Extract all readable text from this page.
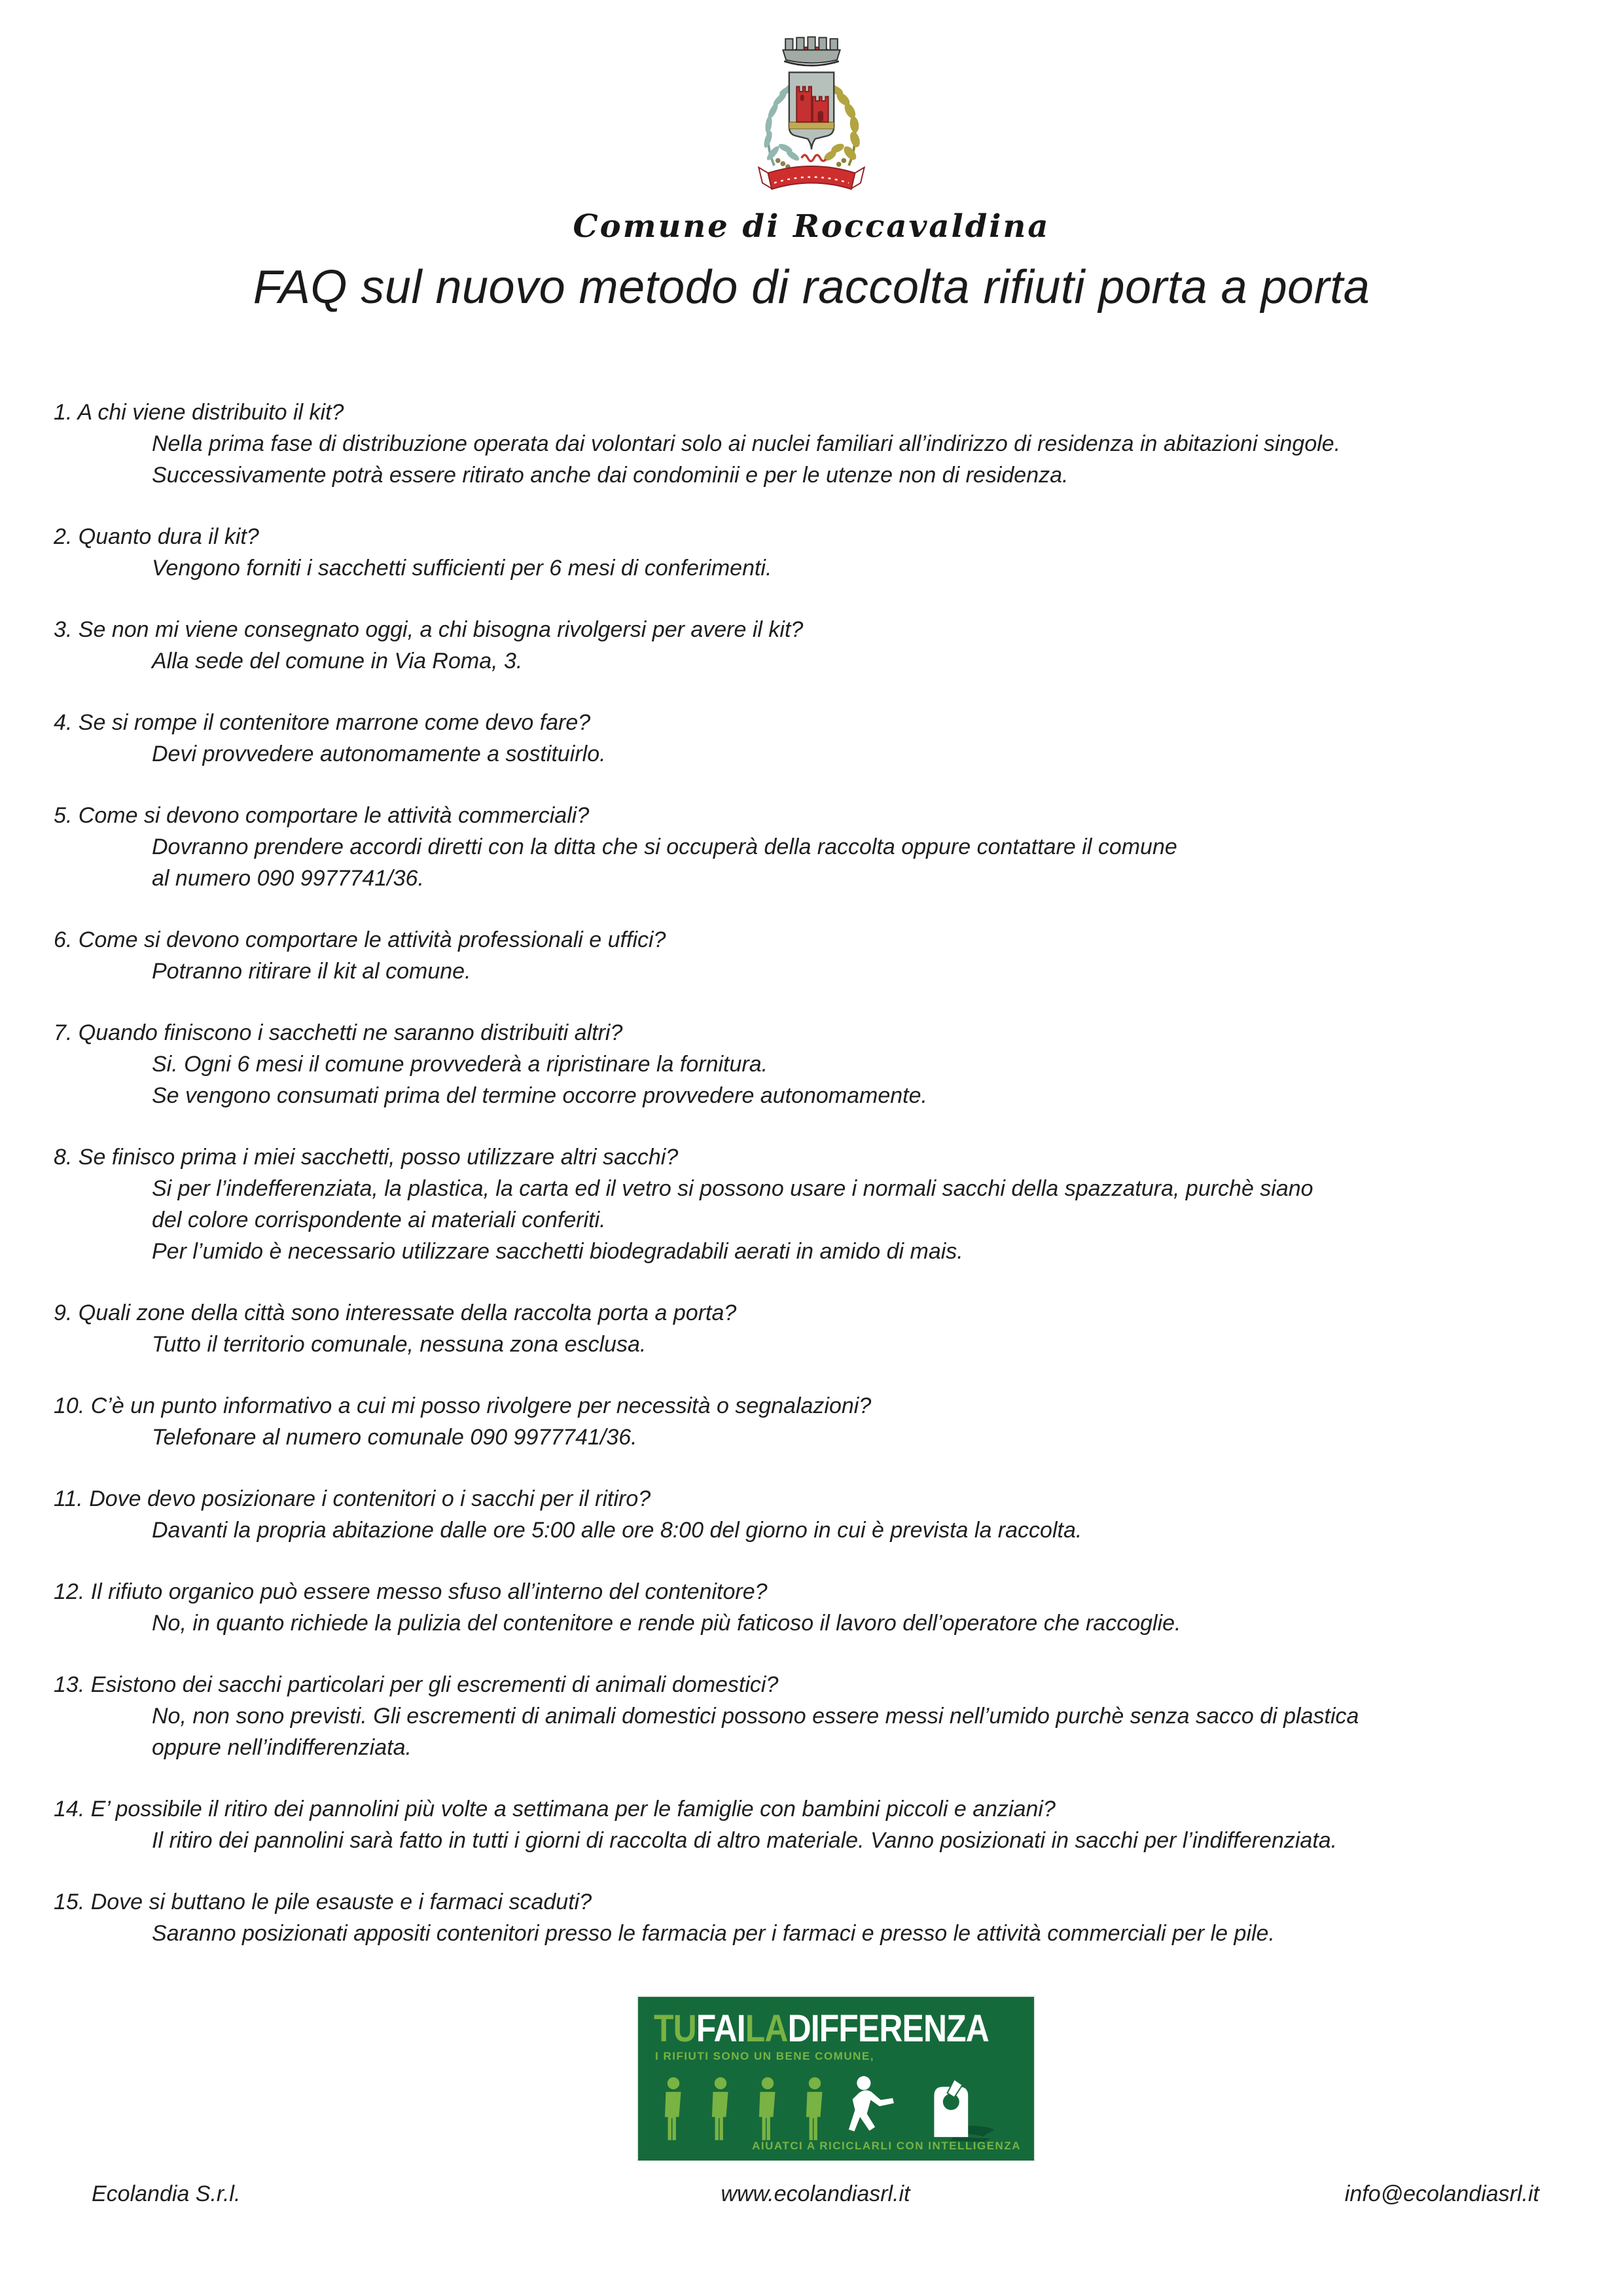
Comune di Roccavaldina
FAQ sul nuovo metodo di raccolta rifiuti porta a porta

1. A chi viene distribuito il kit?

Nella prima fase di distribuzione operata dai volontari solo ai nuclei familiari all’indirizzo di residenza in abitazioni singole.

Successivamente potrà essere ritirato anche dai condominii e per le utenze non di residenza.

2. Quanto dura il kit?

Vengono forniti i sacchetti sufficienti per 6 mesi di conferimenti.

3. Se non mi viene consegnato oggi, a chi bisogna rivolgersi per avere il kit?

Alla sede del comune in Via Roma, 3.

4. Se si rompe il contenitore marrone come devo fare?

Devi provvedere autonomamente a sostituirlo.

5. Come si devono comportare le attività commerciali?

Dovranno prendere accordi diretti con la ditta che si occuperà della raccolta oppure contattare il comune

al numero 090 9977741/36.

6. Come si devono comportare le attività professionali e uffici?

Potranno ritirare il kit al comune.

7. Quando finiscono i sacchetti ne saranno distribuiti altri?

Si. Ogni 6 mesi il comune provvederà a ripristinare la fornitura.

Se vengono consumati prima del termine occorre provvedere autonomamente.

8. Se finisco prima i miei sacchetti, posso utilizzare altri sacchi?

Si per l’indefferenziata, la plastica, la carta ed il vetro si possono usare i normali sacchi della spazzatura, purchè siano

del colore corrispondente ai materiali conferiti.

Per l’umido è necessario utilizzare sacchetti biodegradabili aerati in amido di mais.

9. Quali zone della città sono interessate della raccolta porta a porta?

Tutto il territorio comunale, nessuna zona esclusa.

10. C’è un punto informativo a cui mi posso rivolgere per necessità o segnalazioni?

Telefonare al numero comunale 090 9977741/36.

11. Dove devo posizionare i contenitori o i sacchi per il ritiro?

Davanti la propria abitazione dalle ore 5:00 alle ore 8:00 del giorno in cui è prevista la raccolta.

12. Il rifiuto organico può essere messo sfuso all’interno del contenitore?

No, in quanto richiede la pulizia del contenitore e rende più faticoso il lavoro dell’operatore che raccoglie.

13. Esistono dei sacchi particolari per gli escrementi di animali domestici?

No, non sono previsti. Gli escrementi di animali domestici possono essere messi nell’umido purchè senza sacco di plastica

oppure nell’indifferenziata.

14. E’ possibile il ritiro dei pannolini più volte a settimana per le famiglie con bambini piccoli e anziani?

Il ritiro dei pannolini sarà fatto in tutti i giorni di raccolta di altro materiale. Vanno posizionati in sacchi per l’indifferenziata.

15. Dove si buttano le pile esauste e i farmaci scaduti?

Saranno posizionati appositi contenitori presso le farmacia per i farmaci e presso le attività commerciali per le pile.

TUFAILADIFFERENZA
I RIFIUTI SONO UN BENE COMUNE,
AIUATCI A RICICLARLI CON INTELLIGENZA
Ecolandia S.r.l.	www.ecolandiasrl.it	info@ecolandiasrl.it
